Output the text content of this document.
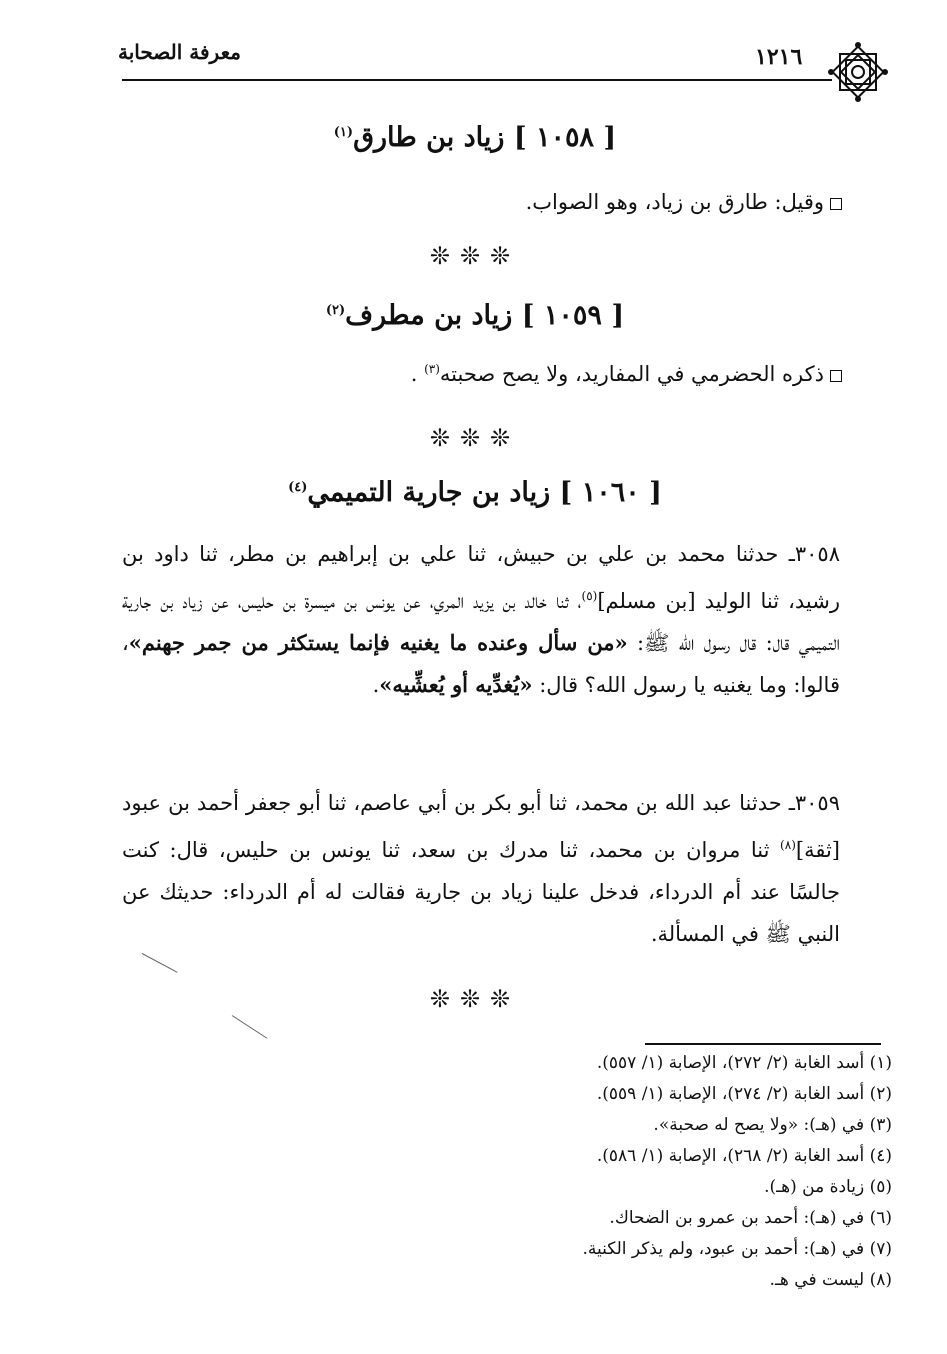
معرفة الصحابة	١٢١٦
[ ١٠٥٨ ] زياد بن طارق$^{(١)}$
وقيل: طارق بن زياد، وهو الصواب.
❊❊❊
[ ١٠٥٩ ] زياد بن مطرف$^{(٢)}$
ذكره الحضرمي في المفاريد، ولا يصح صحبته$^{(٣)}$ .
❊❊❊
[ ١٠٦٠ ] زياد بن جارية التميمي$^{(٤)}$
٣٠٥٨ـ حدثنا محمد بن علي بن حبيش، ثنا علي بن إبراهيم بن مطر، ثنا داود بن رشيد، ثنا الوليد [بن مسلم]$^{(٥)}$، ثنا خالد بن يزيد المري، عن يونس بن ميسرة بن حليس، عن زياد بن جارية التميمي قال: قال رسول الله ﷺ: «من سأل وعنده ما يغنيه فإنما يستكثر من جمر جهنم»، قالوا: وما يغنيه يا رسول الله؟ قال: «يُغدِّيه أو يُعشِّيه».
٣٠٥٩ـ حدثنا عبد الله بن محمد، ثنا أبو بكر بن أبي عاصم، ثنا أبو جعفر أحمد بن عبود [ثقة]$^{(٨)}$ ثنا مروان بن محمد، ثنا مدرك بن سعد، ثنا يونس بن حليس، قال: كنت جالسًا عند أم الدرداء، فدخل علينا زياد بن جارية فقالت له أم الدرداء: حديثك عن النبي ﷺ في المسألة.
❊❊❊
(١) أسد الغابة (٢/ ٢٧٢)، الإصابة (١/ ٥٥٧).
(٢) أسد الغابة (٢/ ٢٧٤)، الإصابة (١/ ٥٥٩).
(٣) في (هـ): «ولا يصح له صحبة».
(٤) أسد الغابة (٢/ ٢٦٨)، الإصابة (١/ ٥٨٦).
(٥) زيادة من (هـ).
(٦) في (هـ): أحمد بن عمرو بن الضحاك.
(٧) في (هـ): أحمد بن عبود، ولم يذكر الكنية.
(٨) ليست في هـ.
